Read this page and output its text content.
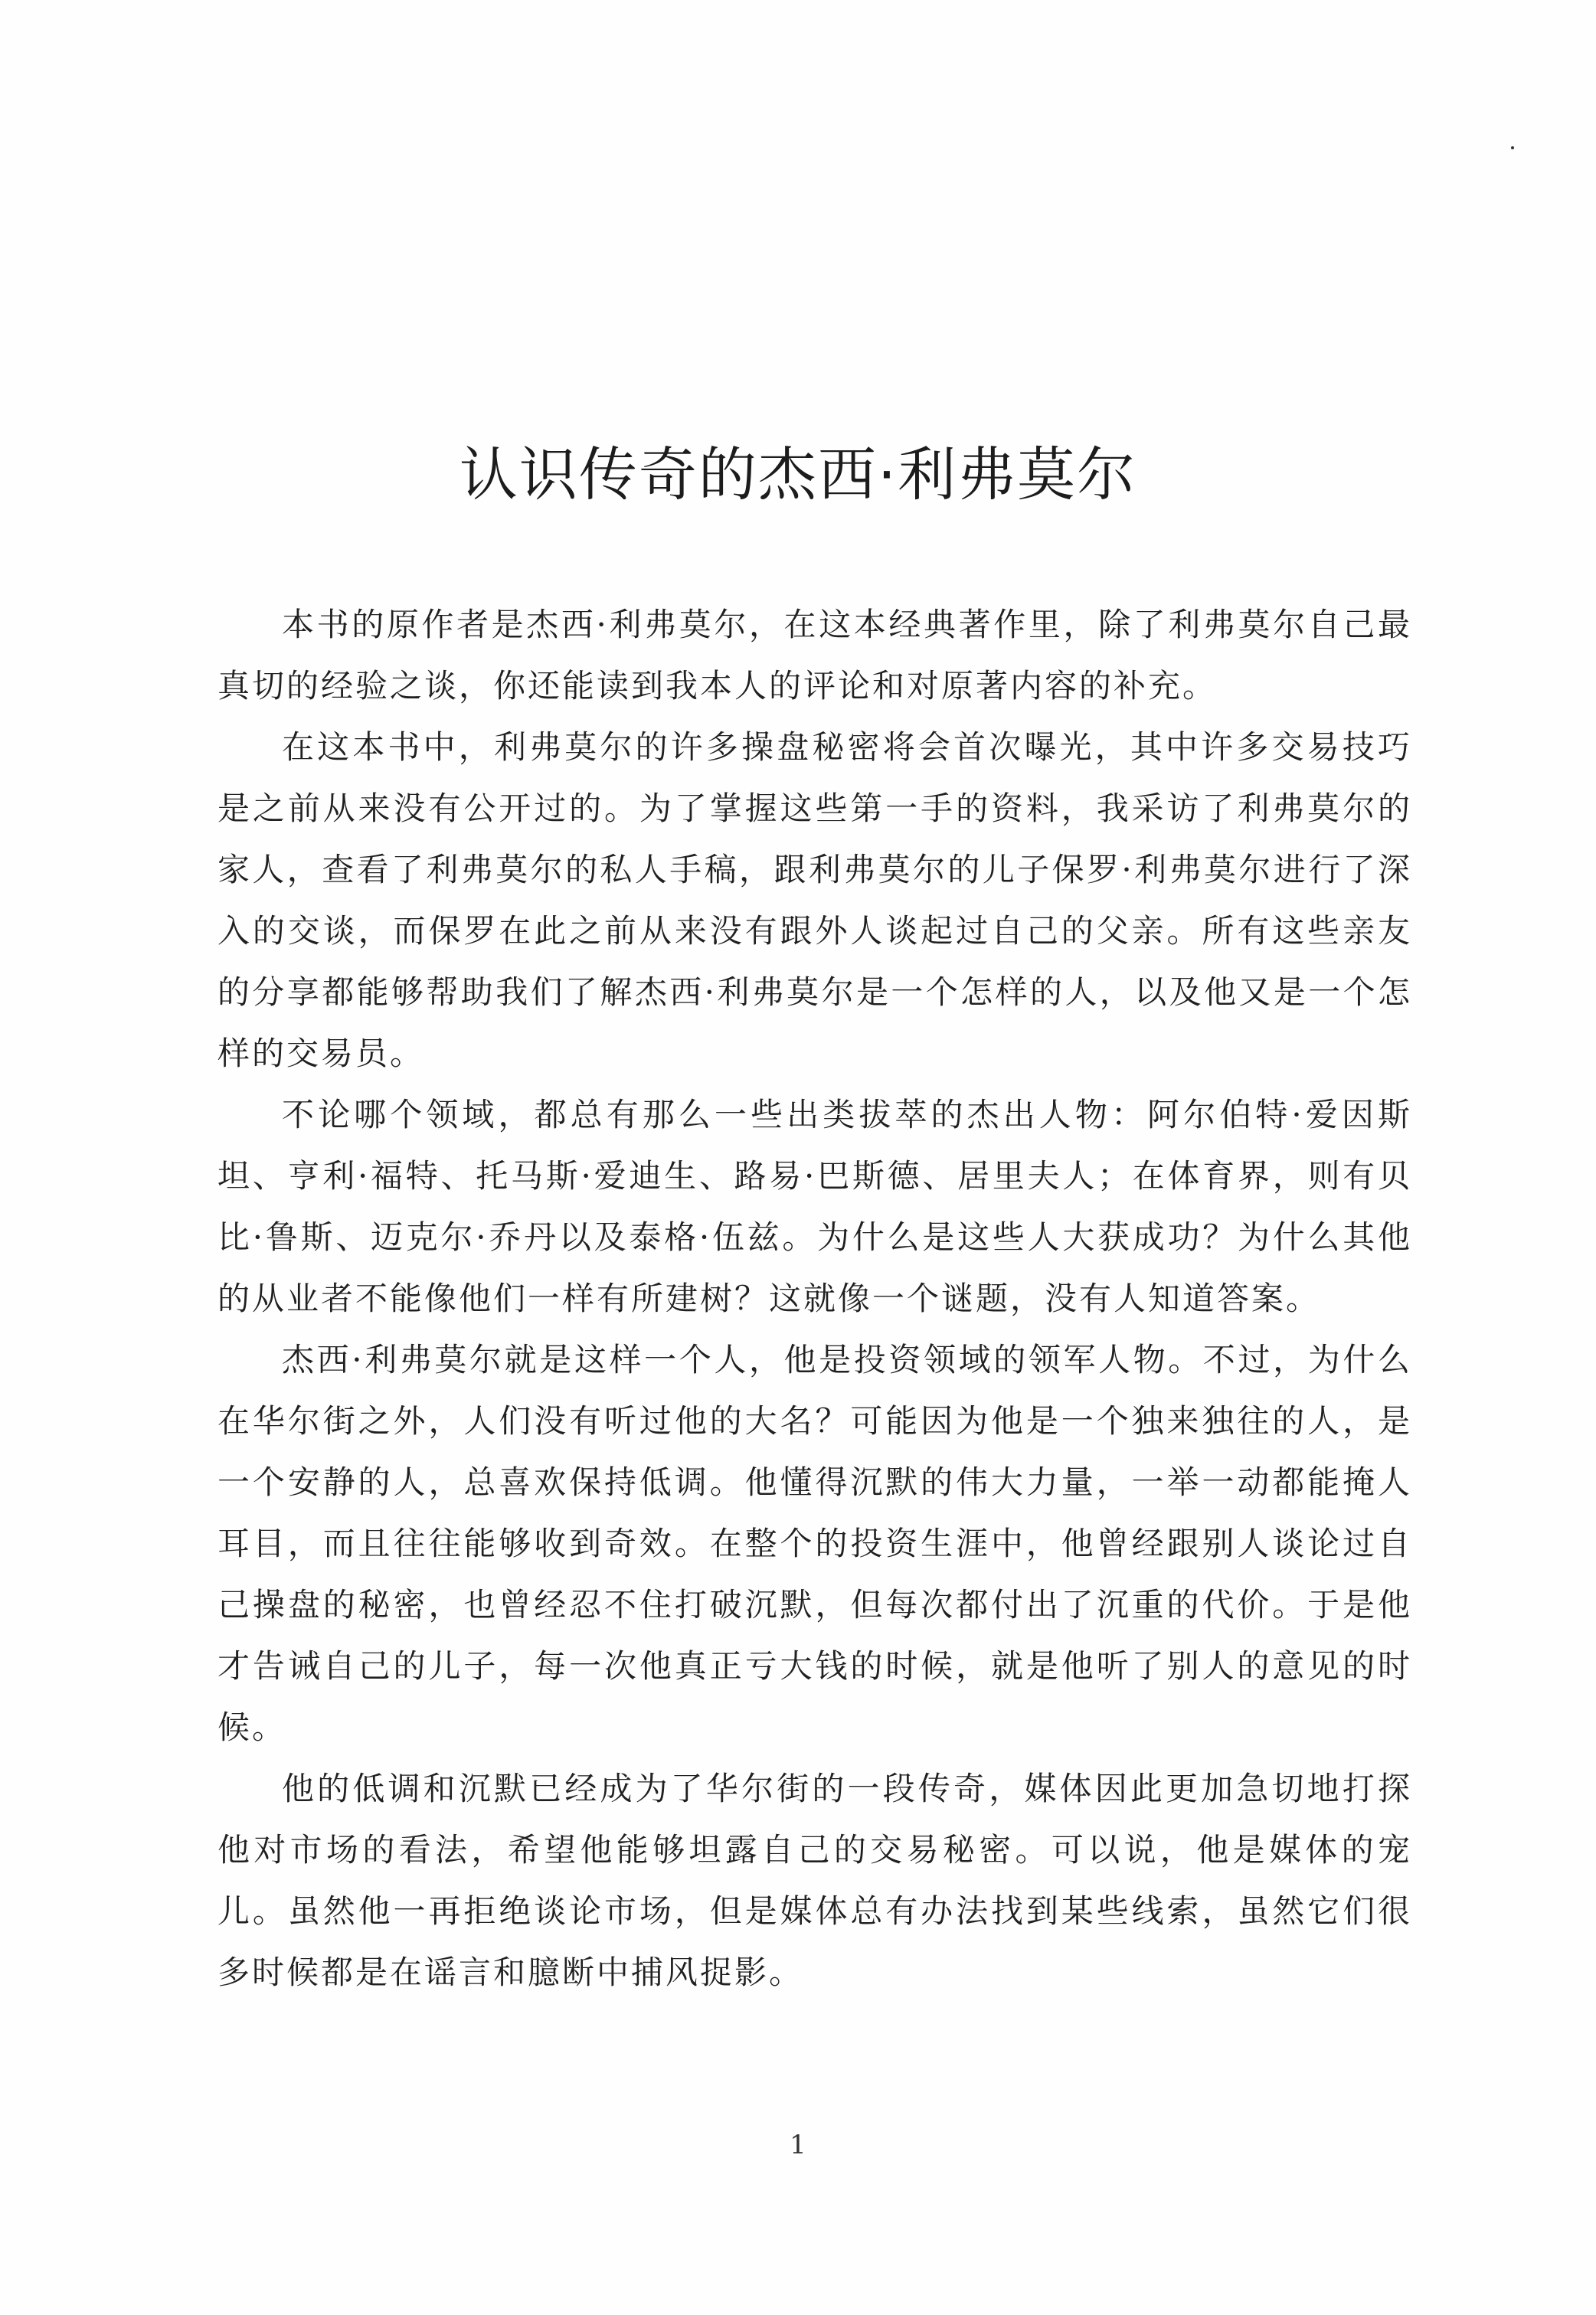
认识传奇的杰西·利弗莫尔

本书的原作者是杰西·利弗莫尔，在这本经典著作里，除了利弗莫尔自己最真切的经验之谈，你还能读到我本人的评论和对原著内容的补充。

在这本书中，利弗莫尔的许多操盘秘密将会首次曝光，其中许多交易技巧是之前从来没有公开过的。为了掌握这些第一手的资料，我采访了利弗莫尔的家人，查看了利弗莫尔的私人手稿，跟利弗莫尔的儿子保罗·利弗莫尔进行了深入的交谈，而保罗在此之前从来没有跟外人谈起过自己的父亲。所有这些亲友的分享都能够帮助我们了解杰西·利弗莫尔是一个怎样的人，以及他又是一个怎样的交易员。

不论哪个领域，都总有那么一些出类拔萃的杰出人物：阿尔伯特·爱因斯坦、亨利·福特、托马斯·爱迪生、路易·巴斯德、居里夫人；在体育界，则有贝比·鲁斯、迈克尔·乔丹以及泰格·伍兹。为什么是这些人大获成功？为什么其他的从业者不能像他们一样有所建树？这就像一个谜题，没有人知道答案。

杰西·利弗莫尔就是这样一个人，他是投资领域的领军人物。不过，为什么在华尔街之外，人们没有听过他的大名？可能因为他是一个独来独往的人，是一个安静的人，总喜欢保持低调。他懂得沉默的伟大力量，一举一动都能掩人耳目，而且往往能够收到奇效。在整个的投资生涯中，他曾经跟别人谈论过自己操盘的秘密，也曾经忍不住打破沉默，但每次都付出了沉重的代价。于是他才告诫自己的儿子，每一次他真正亏大钱的时候，就是他听了别人的意见的时候。

他的低调和沉默已经成为了华尔街的一段传奇，媒体因此更加急切地打探他对市场的看法，希望他能够坦露自己的交易秘密。可以说，他是媒体的宠儿。虽然他一再拒绝谈论市场，但是媒体总有办法找到某些线索，虽然它们很多时候都是在谣言和臆断中捕风捉影。

1
